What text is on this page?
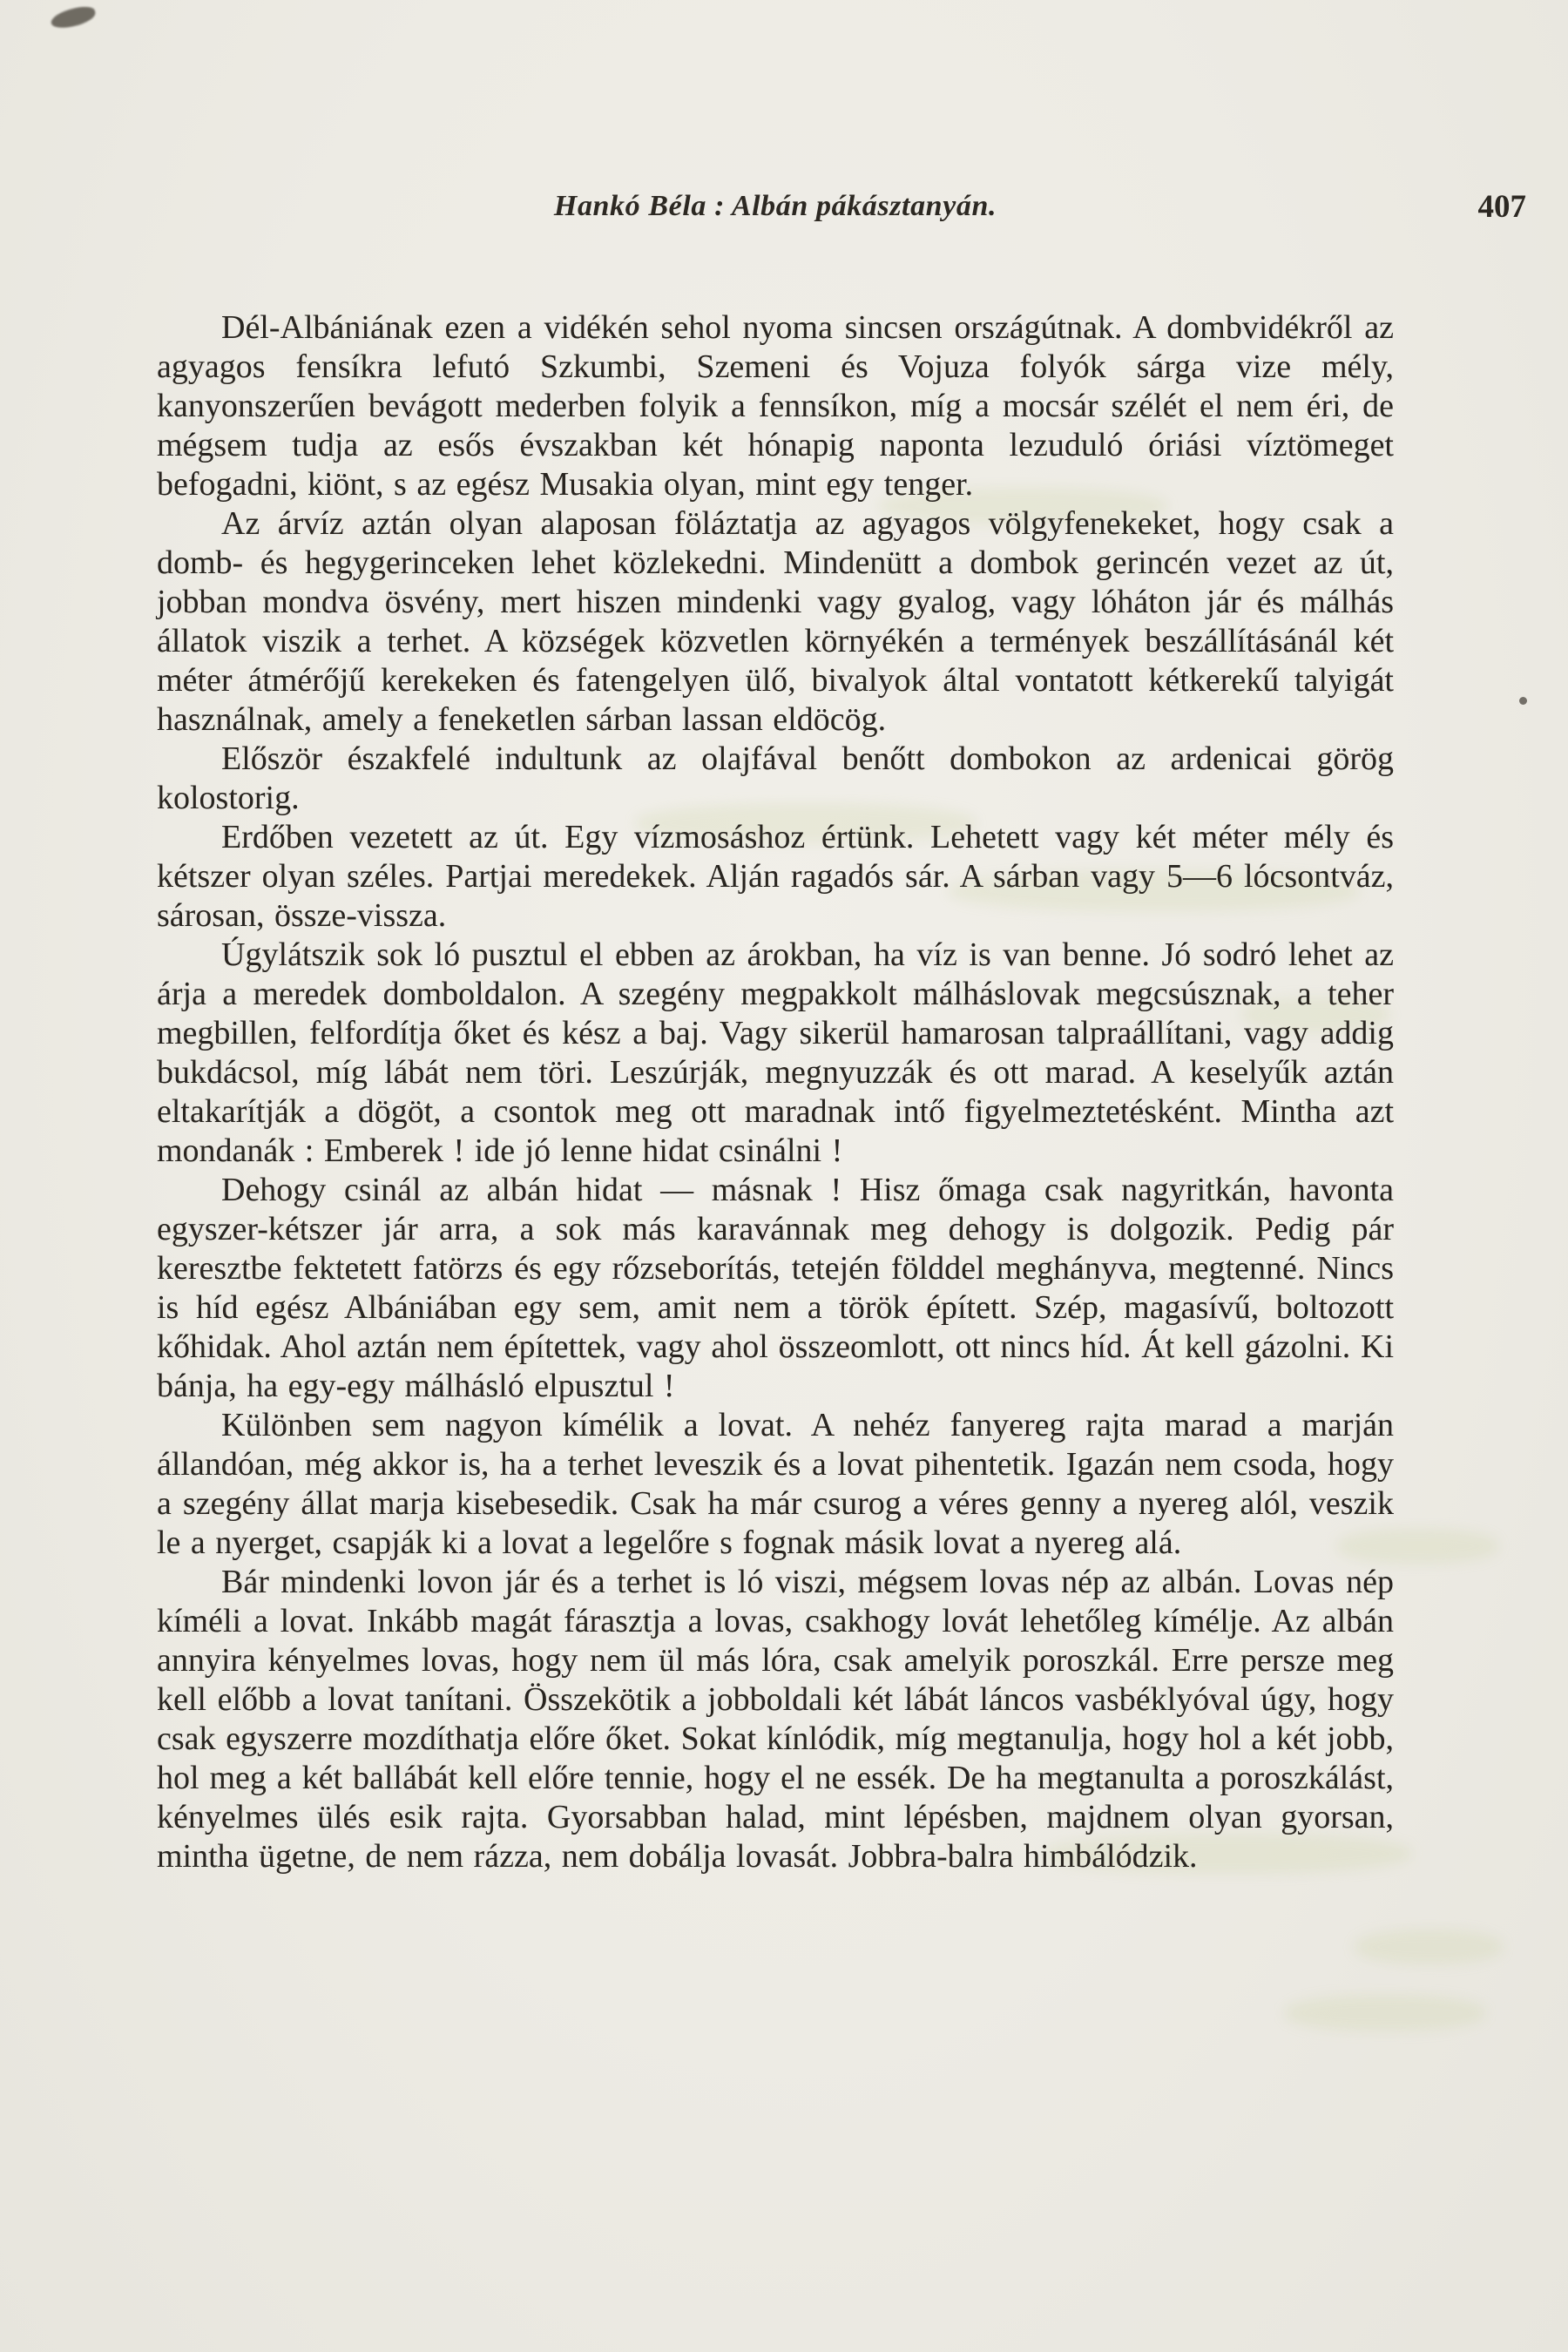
Hankó Béla : Albán pákásztanyán.	407

Dél-Albániának ezen a vidékén sehol nyoma sincsen országútnak. A dombvidékről az agyagos fensíkra lefutó Szkumbi, Szemeni és Vojuza folyók sárga vize mély, kanyonszerűen bevágott mederben folyik a fennsíkon, míg a mocsár szélét el nem éri, de mégsem tudja az esős évszakban két hónapig naponta lezuduló óriási víztömeget befogadni, kiönt, s az egész Musakia olyan, mint egy tenger.

Az árvíz aztán olyan alaposan föláztatja az agyagos völgyfenekeket, hogy csak a domb- és hegygerinceken lehet közlekedni. Mindenütt a dombok gerincén vezet az út, jobban mondva ösvény, mert hiszen mindenki vagy gyalog, vagy lóháton jár és málhás állatok viszik a terhet. A községek közvetlen környékén a termények beszállításánál két méter átmérőjű kerekeken és fatengelyen ülő, bivalyok által vontatott kétkerekű talyigát használnak, amely a feneketlen sárban lassan eldöcög.

Először északfelé indultunk az olajfával benőtt dombokon az ardenicai görög kolostorig.

Erdőben vezetett az út. Egy vízmosáshoz értünk. Lehetett vagy két méter mély és kétszer olyan széles. Partjai meredekek. Alján ragadós sár. A sárban vagy 5—6 lócsontváz, sárosan, össze-vissza.

Úgylátszik sok ló pusztul el ebben az árokban, ha víz is van benne. Jó sodró lehet az árja a meredek domboldalon. A szegény megpakkolt málháslovak megcsúsznak, a teher megbillen, felfordítja őket és kész a baj. Vagy sikerül hamarosan talpraállítani, vagy addig bukdácsol, míg lábát nem töri. Leszúrják, megnyuzzák és ott marad. A keselyűk aztán eltakarítják a dögöt, a csontok meg ott maradnak intő figyelmeztetésként. Mintha azt mondanák : Emberek ! ide jó lenne hidat csinálni !

Dehogy csinál az albán hidat — másnak ! Hisz őmaga csak nagyritkán, havonta egyszer-kétszer jár arra, a sok más karavánnak meg dehogy is dolgozik. Pedig pár keresztbe fektetett fatörzs és egy rőzseborítás, tetején földdel meghányva, megtenné. Nincs is híd egész Albániában egy sem, amit nem a török épített. Szép, magasívű, boltozott kőhidak. Ahol aztán nem építettek, vagy ahol összeomlott, ott nincs híd. Át kell gázolni. Ki bánja, ha egy-egy málhásló elpusztul !

Különben sem nagyon kímélik a lovat. A nehéz fanyereg rajta marad a marján állandóan, még akkor is, ha a terhet leveszik és a lovat pihentetik. Igazán nem csoda, hogy a szegény állat marja kisebesedik. Csak ha már csurog a véres genny a nyereg alól, veszik le a nyerget, csapják ki a lovat a legelőre s fognak másik lovat a nyereg alá.

Bár mindenki lovon jár és a terhet is ló viszi, mégsem lovas nép az albán. Lovas nép kíméli a lovat. Inkább magát fárasztja a lovas, csakhogy lovát lehetőleg kímélje. Az albán annyira kényelmes lovas, hogy nem ül más lóra, csak amelyik poroszkál. Erre persze meg kell előbb a lovat tanítani. Összekötik a jobboldali két lábát láncos vasbéklyóval úgy, hogy csak egyszerre mozdíthatja előre őket. Sokat kínlódik, míg megtanulja, hogy hol a két jobb, hol meg a két ballábát kell előre tennie, hogy el ne essék. De ha megtanulta a poroszkálást, kényelmes ülés esik rajta. Gyorsabban halad, mint lépésben, majdnem olyan gyorsan, mintha ügetne, de nem rázza, nem dobálja lovasát. Jobbra-balra himbálódzik.
